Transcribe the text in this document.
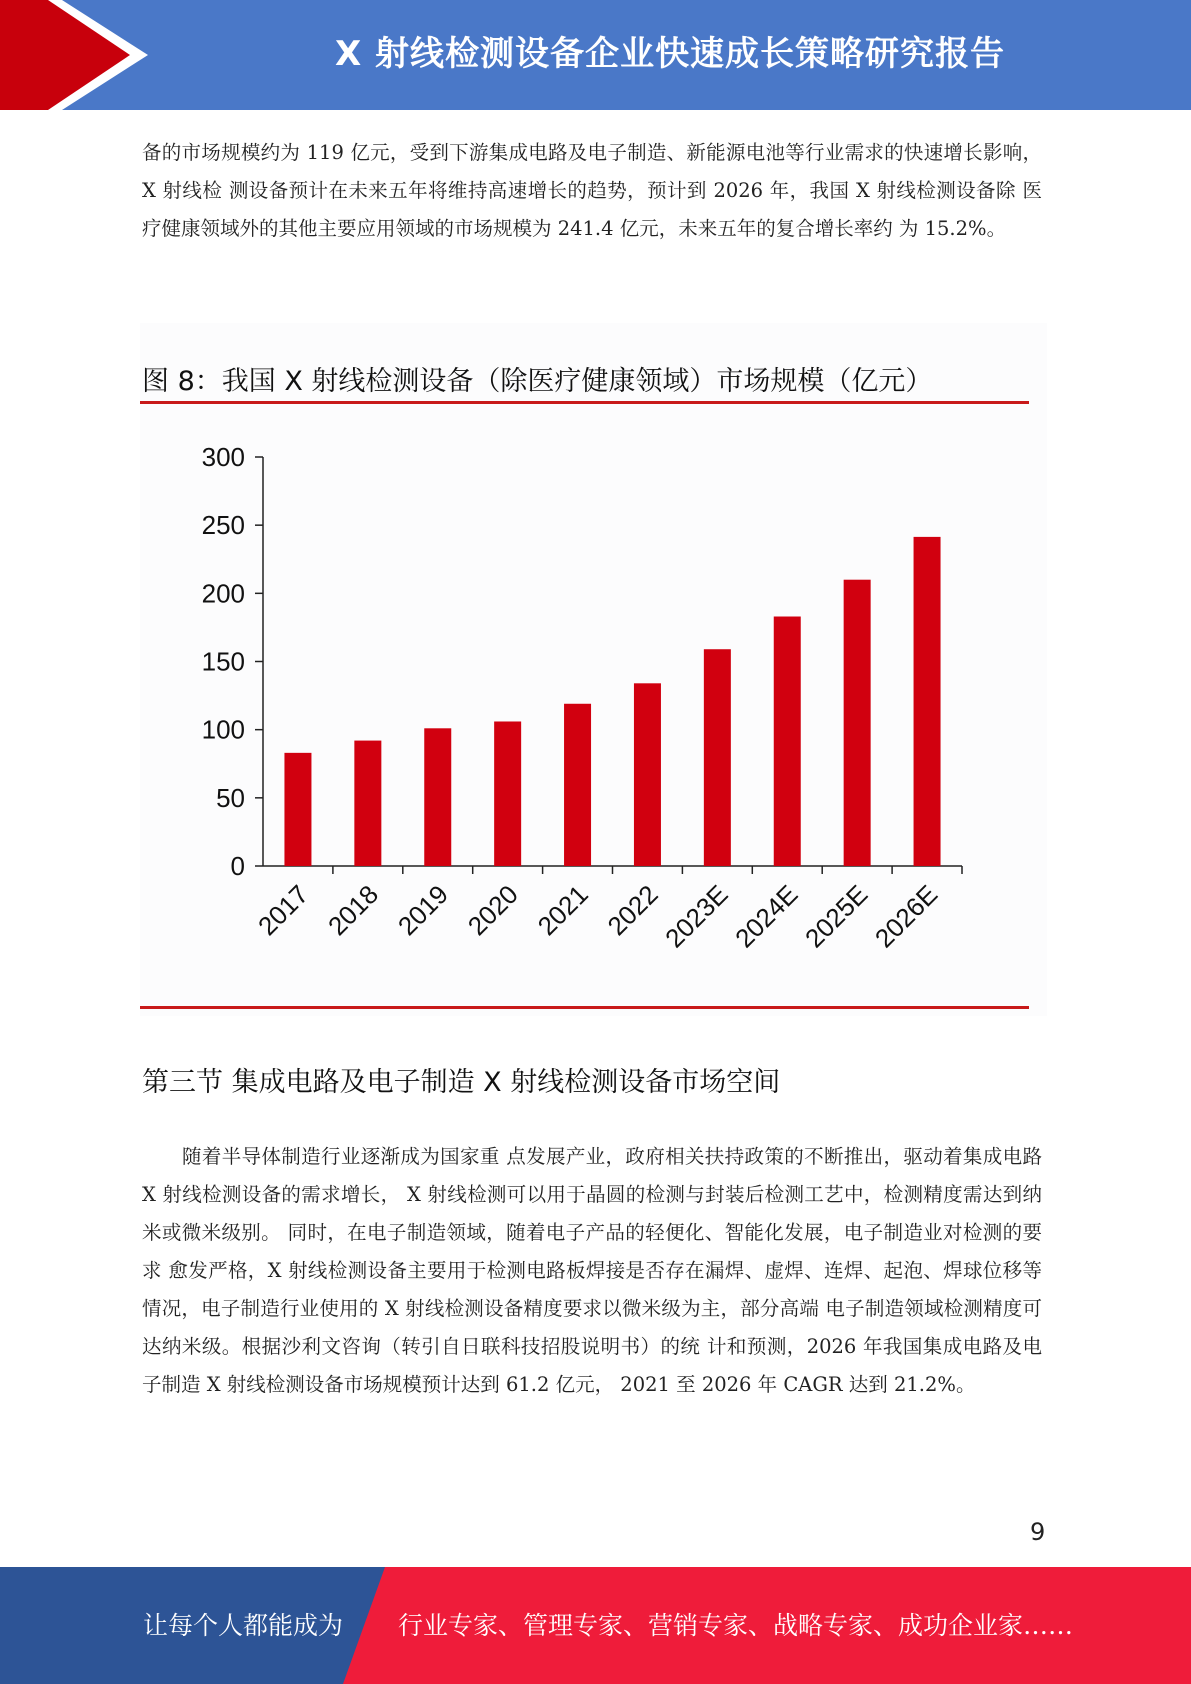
X 射线检测设备企业快速成长策略研究报告

备的市场规模约为 119 亿元，受到下游集成电路及电子制造、新能源电池等行业需求的快速增长影响，X 射线检 测设备预计在未来五年将维持高速增长的趋势，预计到 2026 年，我国 X 射线检测设备除 医疗健康领域外的其他主要应用领域的市场规模为 241.4 亿元，未来五年的复合增长率约 为 15.2%。

图 8：我国 X 射线检测设备（除医疗健康领域）市场规模（亿元）
0
50
100
150
200
250
300
2017 2018 2019 2020 2021 2022
2023E
2024E
2025E
2026E
第三节 集成电路及电子制造 X 射线检测设备市场空间

随着半导体制造行业逐渐成为国家重 点发展产业，政府相关扶持政策的不断推出，驱动着集成电路 X 射线检测设备的需求增长， X 射线检测可以用于晶圆的检测与封装后检测工艺中，检测精度需达到纳米或微米级别。 同时，在电子制造领域，随着电子产品的轻便化、智能化发展，电子制造业对检测的要求 愈发严格，X 射线检测设备主要用于检测电路板焊接是否存在漏焊、虚焊、连焊、起泡、焊球位移等情况，电子制造行业使用的 X 射线检测设备精度要求以微米级为主，部分高端 电子制造领域检测精度可达纳米级。根据沙利文咨询（转引自日联科技招股说明书）的统 计和预测，2026 年我国集成电路及电子制造 X 射线检测设备市场规模预计达到 61.2 亿元， 2021 至 2026 年 CAGR 达到 21.2%。

9
让每个人都能成为 行业专家、管理专家、营销专家、战略专家、成功企业家……
